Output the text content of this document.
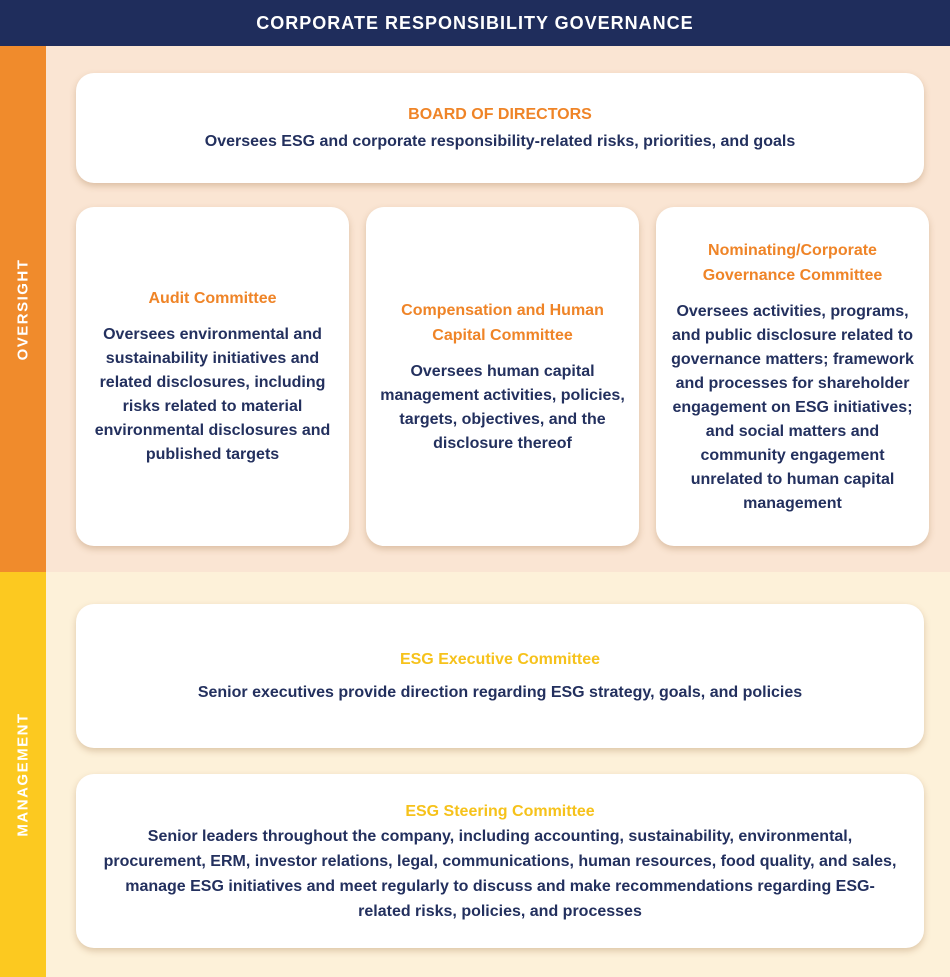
CORPORATE RESPONSIBILITY GOVERNANCE
OVERSIGHT
MANAGEMENT
BOARD OF DIRECTORS
Oversees ESG and corporate responsibility-related risks, priorities, and goals
Audit Committee
Oversees environmental and sustainability initiatives and related disclosures, including risks related to material environmental disclosures and published targets
Compensation and Human Capital Committee
Oversees human capital management activities, policies, targets, objectives, and the disclosure thereof
Nominating/Corporate Governance Committee
Oversees activities, programs, and public disclosure related to governance matters; framework and processes for shareholder engagement on ESG initiatives; and social matters and community engagement unrelated to human capital management
ESG Executive Committee
Senior executives provide direction regarding ESG strategy, goals, and policies
ESG Steering Committee
Senior leaders throughout the company, including accounting, sustainability, environmental, procurement, ERM, investor relations, legal, communications, human resources, food quality, and sales, manage ESG initiatives and meet regularly to discuss and make recommendations regarding ESG-related risks, policies, and processes
